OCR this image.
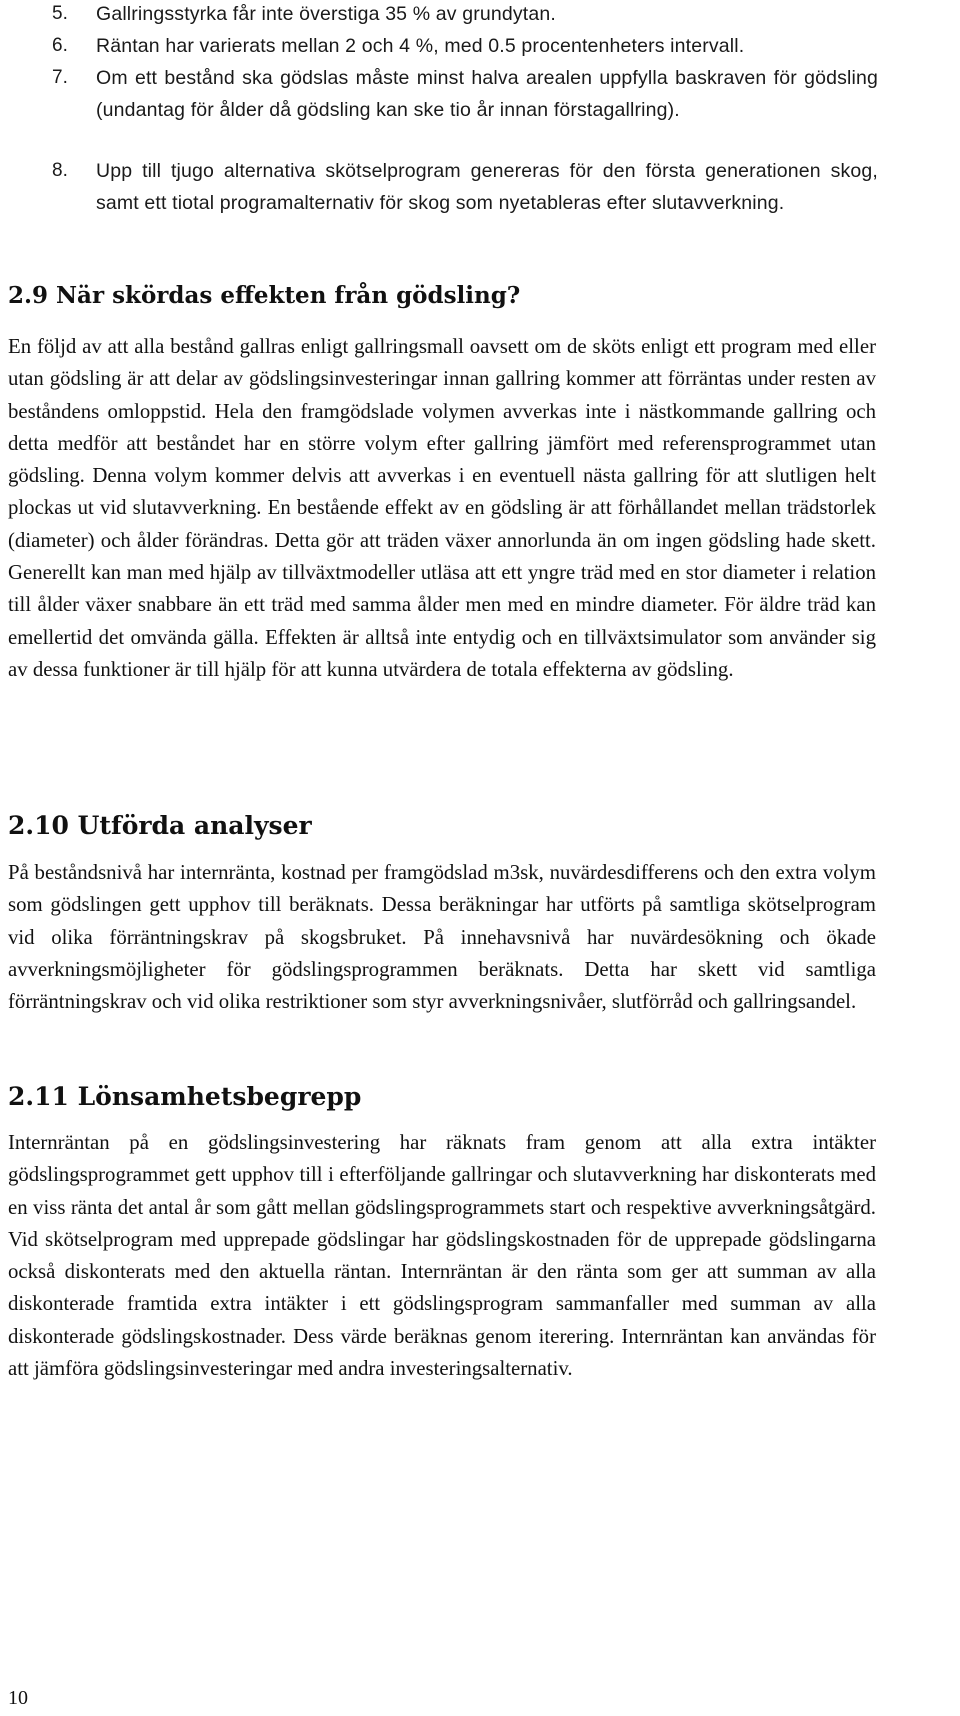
5. Gallringsstyrka får inte överstiga 35 % av grundytan.
6. Räntan har varierats mellan 2 och 4 %, med 0.5 procentenheters intervall.
7. Om ett bestånd ska gödslas måste minst halva arealen uppfylla baskraven för gödsling (undantag för ålder då gödsling kan ske tio år innan förstagallring).
8. Upp till tjugo alternativa skötselprogram genereras för den första generationen skog, samt ett tiotal programalternativ för skog som nyetableras efter slutavverkning.
2.9 När skördas effekten från gödsling?

En följd av att alla bestånd gallras enligt gallringsmall oavsett om de sköts enligt ett program med eller utan gödsling är att delar av gödslingsinvesteringar innan gallring kommer att förräntas under resten av beståndens omloppstid. Hela den framgödslade volymen avverkas inte i nästkommande gallring och detta medför att beståndet har en större volym efter gallring jämfört med referensprogrammet utan gödsling. Denna volym kommer delvis att avverkas i en eventuell nästa gallring för att slutligen helt plockas ut vid slutavverkning. En bestående effekt av en gödsling är att förhållandet mellan trädstorlek (diameter) och ålder förändras. Detta gör att träden växer annorlunda än om ingen gödsling hade skett. Generellt kan man med hjälp av tillväxtmodeller utläsa att ett yngre träd med en stor diameter i relation till ålder växer snabbare än ett träd med samma ålder men med en mindre diameter. För äldre träd kan emellertid det omvända gälla. Effekten är alltså inte entydig och en tillväxtsimulator som använder sig av dessa funktioner är till hjälp för att kunna utvärdera de totala effekterna av gödsling.

2.10 Utförda analyser

På beståndsnivå har internränta, kostnad per framgödslad m3sk, nuvärdesdifferens och den extra volym som gödslingen gett upphov till beräknats. Dessa beräkningar har utförts på samtliga skötselprogram vid olika förräntningskrav på skogsbruket. På innehavsnivå har nuvärdesökning och ökade avverkningsmöjligheter för gödslingsprogrammen beräknats. Detta har skett vid samtliga förräntningskrav och vid olika restriktioner som styr avverkningsnivåer, slutförråd och gallringsandel.

2.11 Lönsamhetsbegrepp

Internräntan på en gödslingsinvestering har räknats fram genom att alla extra intäkter gödslingsprogrammet gett upphov till i efterföljande gallringar och slutavverkning har diskonterats med en viss ränta det antal år som gått mellan gödslingsprogrammets start och respektive avverkningsåtgärd. Vid skötselprogram med upprepade gödslingar har gödslingskostnaden för de upprepade gödslingarna också diskonterats med den aktuella räntan. Internräntan är den ränta som ger att summan av alla diskonterade framtida extra intäkter i ett gödslingsprogram sammanfaller med summan av alla diskonterade gödslingskostnader. Dess värde beräknas genom iterering. Internräntan kan användas för att jämföra gödslingsinvesteringar med andra investeringsalternativ.

10
